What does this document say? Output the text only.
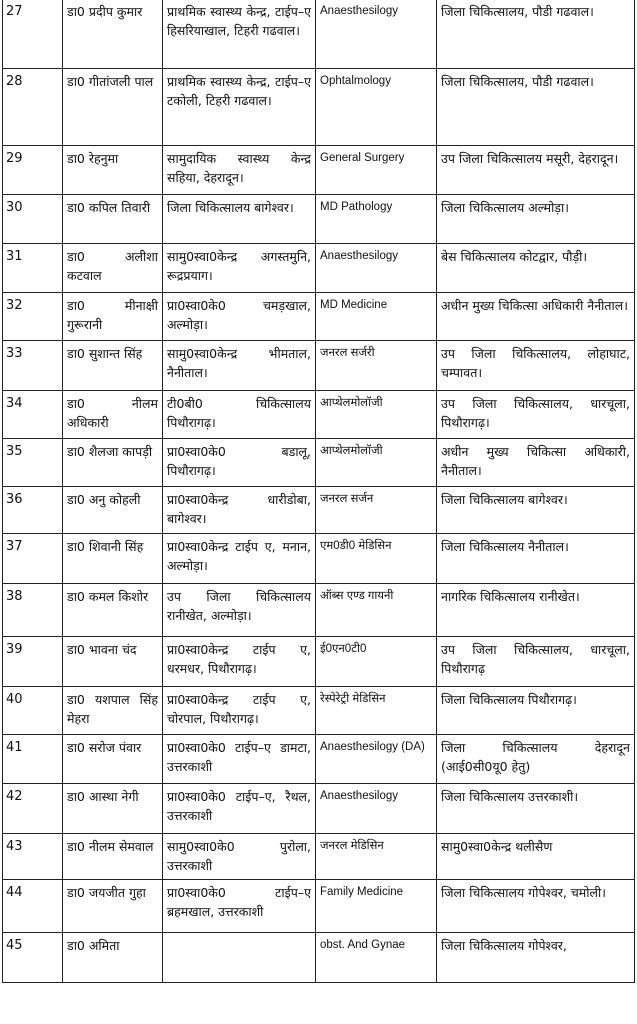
27	डा0 प्रदीप कुमार	प्राथमिक स्वास्थ्य केन्द्र, टाईप–ए हिसरियाखाल, टिहरी गढवाल।	Anaesthesilogy	जिला चिकित्सालय, पौडी गढवाल।
28	डा0 गीतांजली पाल	प्राथमिक स्वास्थ्य केन्द्र, टाईप–ए टकोली, टिहरी गढवाल।	Ophtalmology	जिला चिकित्सालय, पौडी गढवाल।
29	डा0 रेहनुमा	सामुदायिक स्वास्थ्य केन्द्र सहिया, देहरादून।	General Surgery	उप जिला चिकित्सालय मसूरी, देहरादून।
30	डा0 कपिल तिवारी	जिला चिकित्सालय बागेश्वर।	MD Pathology	जिला चिकित्सालय अल्मोड़ा।
31	डा0 अलीशा कटवाल	सामु0स्वा0केन्द्र अगस्तमुनि, रूद्रप्रयाग।	Anaesthesilogy	बेस चिकित्सालय कोटद्वार, पौड़ी।
32	डा0 मीनाक्षी गुरूरानी	प्रा0स्वा0के0 चमड़खाल, अल्मोड़ा।	MD Medicine	अधीन मुख्य चिकित्सा अधिकारी नैनीताल।
33	डा0 सुशान्त सिंह	सामु0स्वा0केन्द्र भीमताल, नैनीताल।	जनरल सर्जरी	उप जिला चिकित्सालय, लोहाघाट, चम्पावत।
34	डा0 नीलम अधिकारी	टी0बी0 चिकित्सालय पिथौरागढ़।	आप्थेलमोलॉजी	उप जिला चिकित्सालय, धारचूला, पिथौरागढ़।
35	डा0 शैलजा कापड़ी	प्रा0स्वा0के0 बडालू, पिथौरागढ़।	आप्थेलमोलॉजी	अधीन मुख्य चिकित्सा अधिकारी, नैनीताल।
36	डा0 अनु कोहली	प्रा0स्वा0केन्द्र धारीडोबा, बागेश्वर।	जनरल सर्जन	जिला चिकित्सालय बागेश्वर।
37	डा0 शिवानी सिंह	प्रा0स्वा0केन्द्र टाईप ए, मनान, अल्मोड़ा।	एम0डी0 मेडिसिन	जिला चिकित्सालय नैनीताल।
38	डा0 कमल किशोर	उप जिला चिकित्सालय रानीखेत, अल्मोड़ा।	ऑब्स एण्ड गायनी	नागरिक चिकित्सालय रानीखेत।
39	डा0 भावना चंद	प्रा0स्वा0केन्द्र टाईप ए, धरमधर, पिथौरागढ़।	ई0एन0टी0	उप जिला चिकित्सालय, धारचूला, पिथौरागढ़
40	डा0 यशपाल सिंह मेहरा	प्रा0स्वा0केन्द्र टाईप ए, चोरपाल, पिथौरागढ़।	रेस्पेरेट्री मेडिसिन	जिला चिकित्सालय पिथौरागढ़।
41	डा0 सरोज पंवार	प्रा0स्वा0के0 टाईप–ए डामटा, उत्तरकाशी	Anaesthesilogy (DA)	जिला चिकित्सालय देहरादून (आई0सी0यू0 हेतु)
42	डा0 आस्था नेगी	प्रा0स्वा0के0 टाईप–ए, रैथल, उत्तरकाशी	Anaesthesilogy	जिला चिकित्सालय उत्तरकाशी।
43	डा0 नीलम सेमवाल	सामु0स्वा0के0 पुरोला, उत्तरकाशी	जनरल मेडिसिन	सामु0स्वा0केन्द्र थलीसैण
44	डा0 जयजीत गुहा	प्रा0स्वा0के0 टाईप–ए ब्रहमखाल, उत्तरकाशी	Family Medicine	जिला चिकित्सालय गोपेश्वर, चमोली।
45	डा0 अमिता		obst. And Gynae	जिला चिकित्सालय गोपेश्वर,
